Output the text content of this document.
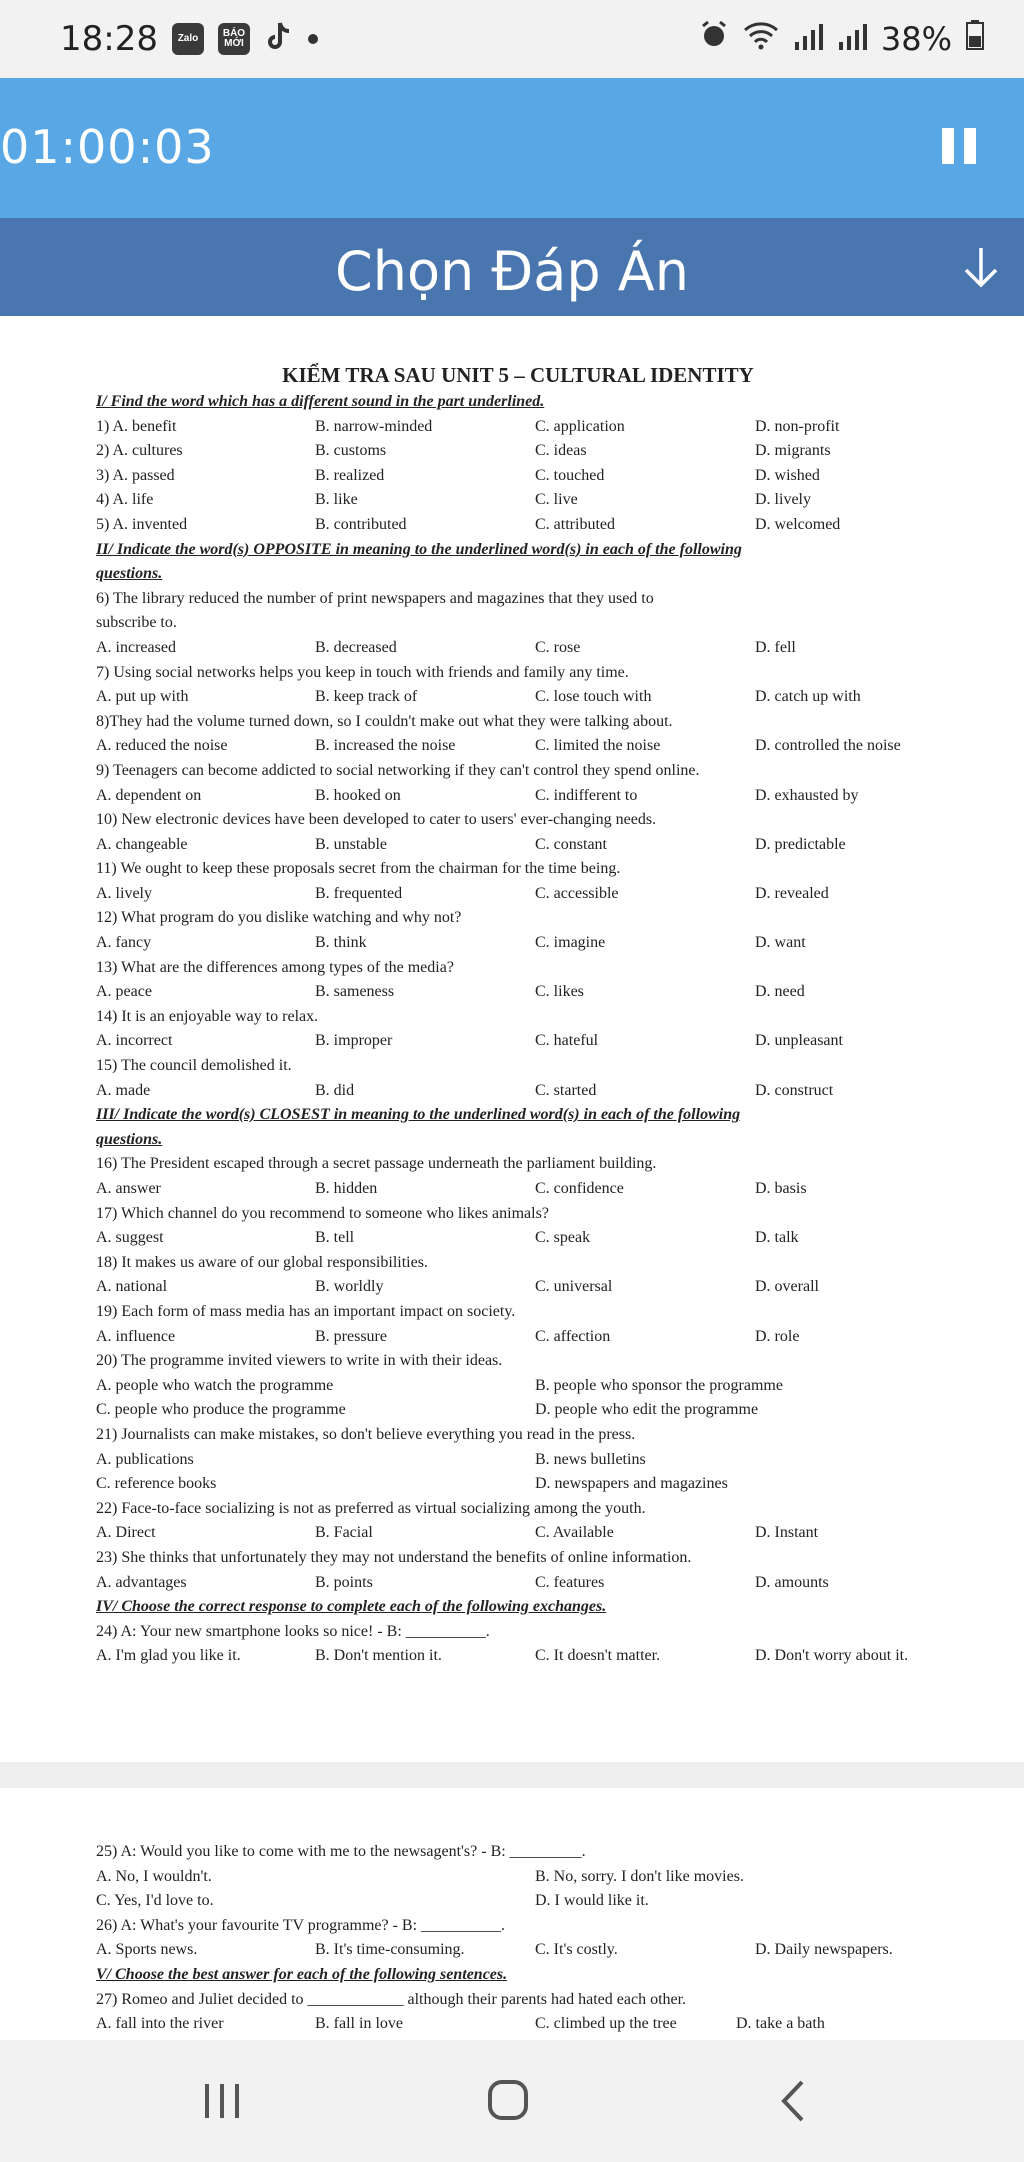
18:28	Zalo	BÁO MỚI	38%
01:00:03
Chọn Đáp Án
KIỂM TRA SAU UNIT 5 – CULTURAL IDENTITY
I/ Find the word which has a different sound in the part underlined.
1) A. benefit	B. narrow-minded	C. application	D. non-profit
2) A. cultures	B. customs	C. ideas	D. migrants
3) A. passed	B. realized	C. touched	D. wished
4) A. life	B. like	C. live	D. lively
5) A. invented	B. contributed	C. attributed	D. welcomed
II/ Indicate the word(s) OPPOSITE in meaning to the underlined word(s) in each of the following
questions.
6) The library reduced the number of print newspapers and magazines that they used to
subscribe to.
A. increased	B. decreased	C. rose	D. fell
7) Using social networks helps you keep in touch with friends and family any time.
A. put up with	B. keep track of	C. lose touch with	D. catch up with
8)They had the volume turned down, so I couldn't make out what they were talking about.
A. reduced the noise	B. increased the noise	C. limited the noise	D. controlled the noise
9) Teenagers can become addicted to social networking if they can't control they spend online.
A. dependent on	B. hooked on	C. indifferent to	D. exhausted by
10) New electronic devices have been developed to cater to users' ever-changing needs.
A. changeable	B. unstable	C. constant	D. predictable
11) We ought to keep these proposals secret from the chairman for the time being.
A. lively	B. frequented	C. accessible	D. revealed
12) What program do you dislike watching and why not?
A. fancy	B. think	C. imagine	D. want
13) What are the differences among types of the media?
A. peace	B. sameness	C. likes	D. need
14) It is an enjoyable way to relax.
A. incorrect	B. improper	C. hateful	D. unpleasant
15) The council demolished it.
A. made	B. did	C. started	D. construct
III/ Indicate the word(s) CLOSEST in meaning to the underlined word(s) in each of the following
questions.
16) The President escaped through a secret passage underneath the parliament building.
A. answer	B. hidden	C. confidence	D. basis
17) Which channel do you recommend to someone who likes animals?
A. suggest	B. tell	C. speak	D. talk
18) It makes us aware of our global responsibilities.
A. national	B. worldly	C. universal	D. overall
19) Each form of mass media has an important impact on society.
A. influence	B. pressure	C. affection	D. role
20) The programme invited viewers to write in with their ideas.
A. people who watch the programme	B. people who sponsor the programme
C. people who produce the programme	D. people who edit the programme
21) Journalists can make mistakes, so don't believe everything you read in the press.
A. publications	B. news bulletins
C. reference books	D. newspapers and magazines
22) Face-to-face socializing is not as preferred as virtual socializing among the youth.
A. Direct	B. Facial	C. Available	D. Instant
23) She thinks that unfortunately they may not understand the benefits of online information.
A. advantages	B. points	C. features	D. amounts
IV/ Choose the correct response to complete each of the following exchanges.
24) A: Your new smartphone looks so nice! - B: __________.
A. I'm glad you like it.	B. Don't mention it.	C. It doesn't matter.	D. Don't worry about it.
25) A: Would you like to come with me to the newsagent's? - B: _________.
A. No, I wouldn't.	B. No, sorry. I don't like movies.
C. Yes, I'd love to.	D. I would like it.
26) A: What's your favourite TV programme? - B: __________.
A. Sports news.	B. It's time-consuming.	C. It's costly.	D. Daily newspapers.
V/ Choose the best answer for each of the following sentences.
27) Romeo and Juliet decided to ____________ although their parents had hated each other.
A. fall into the river	B. fall in love	C. climbed up the tree	D. take a bath
